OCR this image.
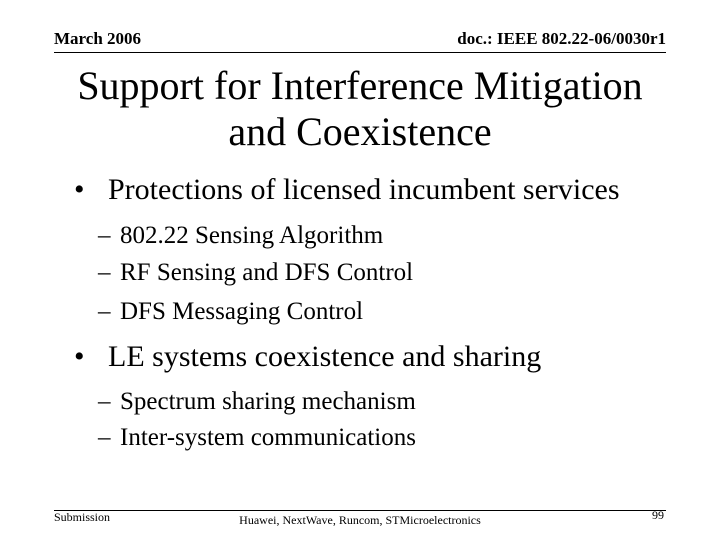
March 2006	doc.: IEEE 802.22-06/0030r1
Support for Interference Mitigation
and Coexistence
• Protections of licensed incumbent services
– 802.22 Sensing Algorithm
– RF Sensing and DFS Control
– DFS Messaging Control
• LE systems coexistence and sharing
– Spectrum sharing mechanism
– Inter-system communications
Submission	Huawei, NextWave, Runcom, STMicroelectronics	99
